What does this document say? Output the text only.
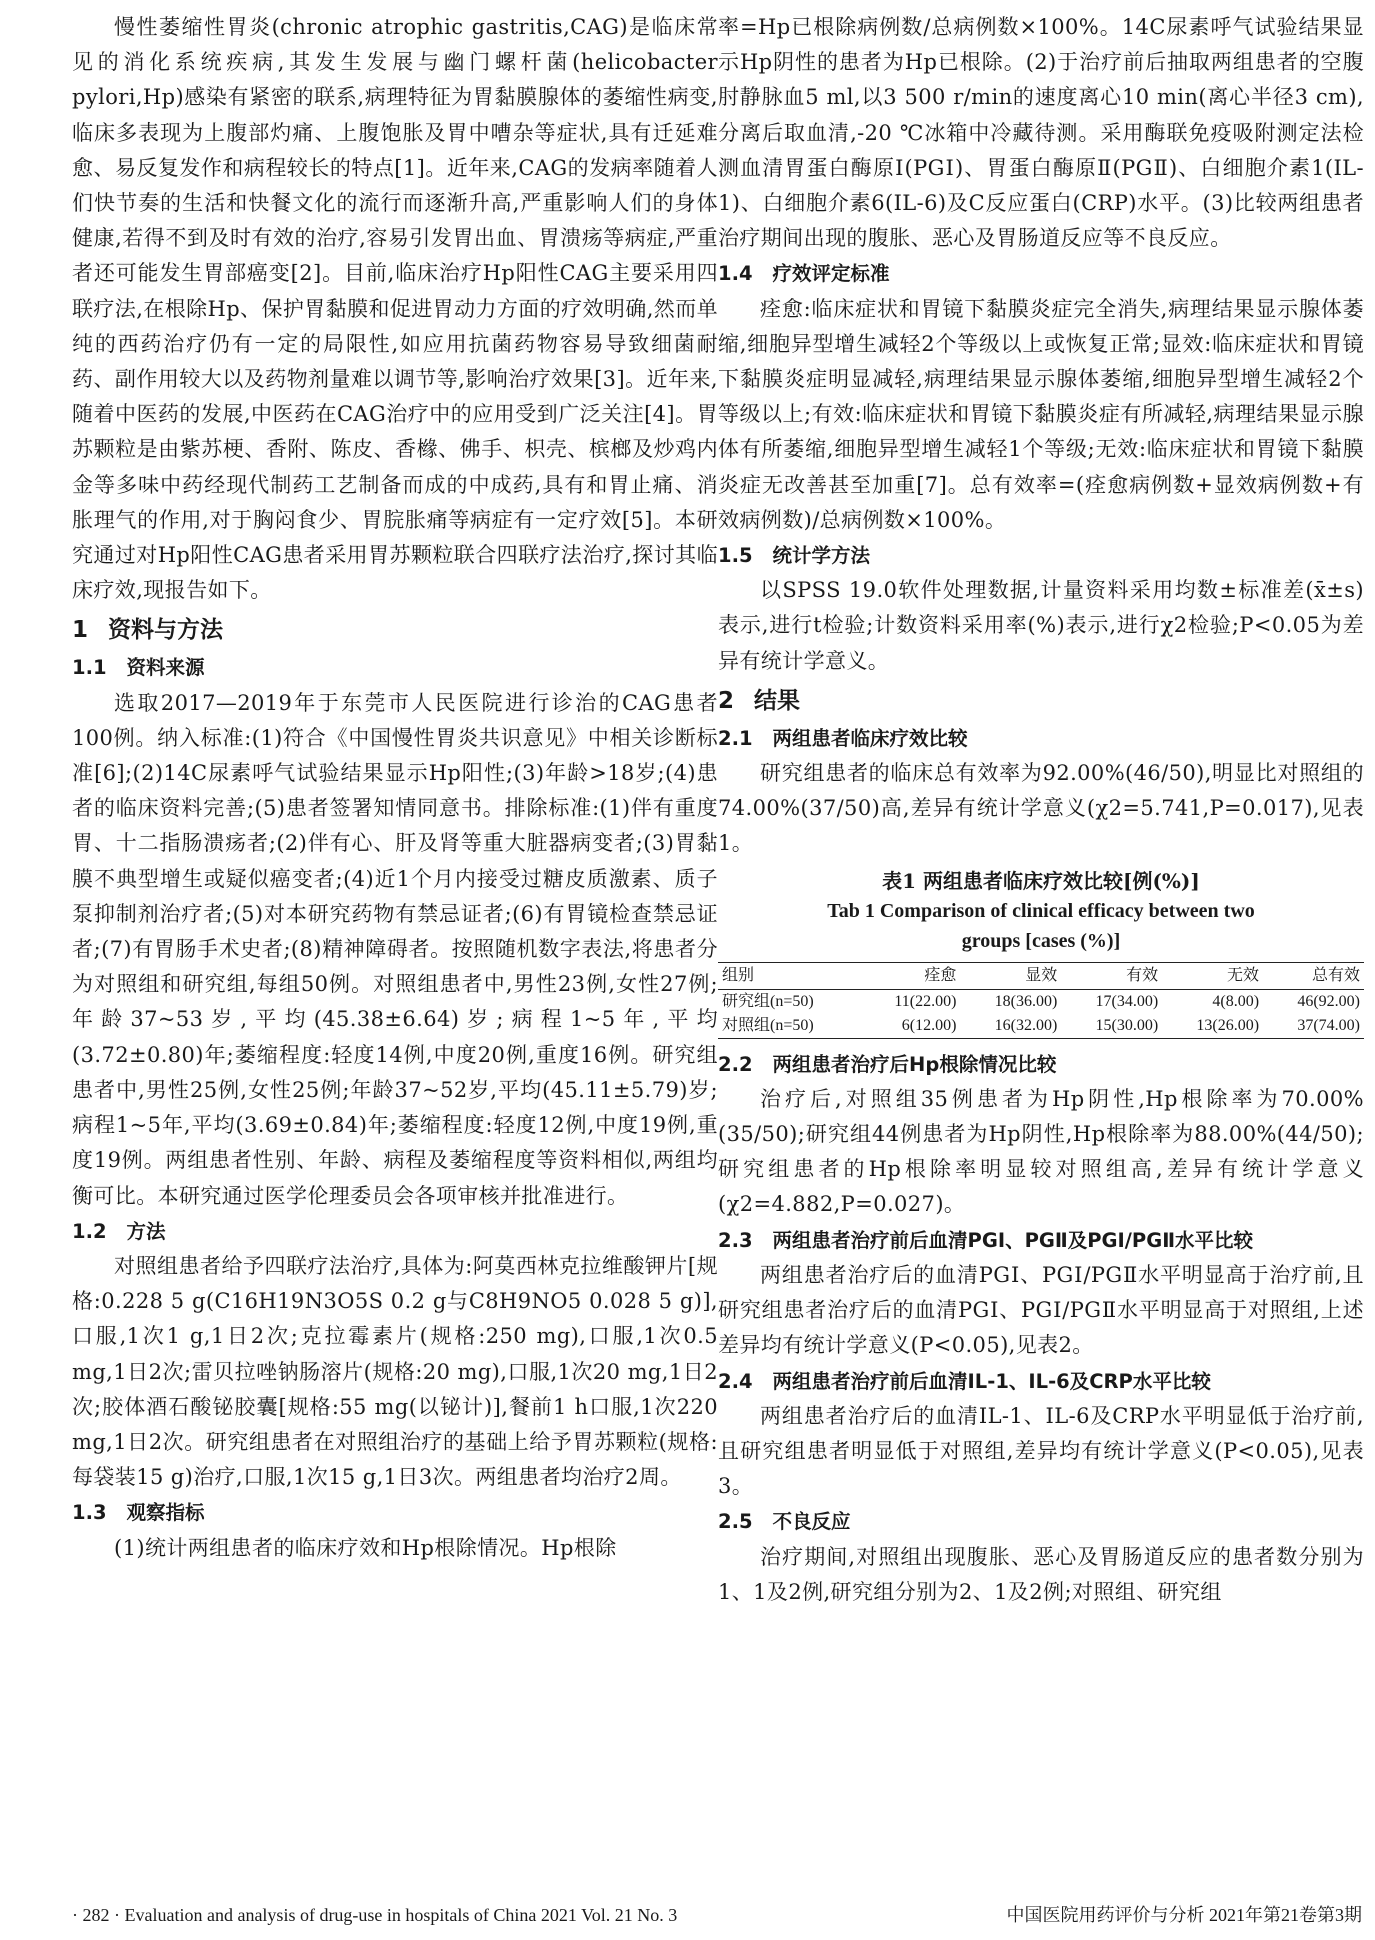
慢性萎缩性胃炎(chronic atrophic gastritis,CAG)是临床常见的消化系统疾病,其发生发展与幽门螺杆菌(helicobacter pylori,Hp)感染有紧密的联系,病理特征为胃黏膜腺体的萎缩性病变,临床多表现为上腹部灼痛、上腹饱胀及胃中嘈杂等症状,具有迁延难愈、易反复发作和病程较长的特点[1]。近年来,CAG的发病率随着人们快节奏的生活和快餐文化的流行而逐渐升高,严重影响人们的身体健康,若得不到及时有效的治疗,容易引发胃出血、胃溃疡等病症,严重者还可能发生胃部癌变[2]。目前,临床治疗Hp阳性CAG主要采用四联疗法,在根除Hp、保护胃黏膜和促进胃动力方面的疗效明确,然而单纯的西药治疗仍有一定的局限性,如应用抗菌药物容易导致细菌耐药、副作用较大以及药物剂量难以调节等,影响治疗效果[3]。近年来,随着中医药的发展,中医药在CAG治疗中的应用受到广泛关注[4]。胃苏颗粒是由紫苏梗、香附、陈皮、香橼、佛手、枳壳、槟榔及炒鸡内金等多味中药经现代制药工艺制备而成的中成药,具有和胃止痛、消胀理气的作用,对于胸闷食少、胃脘胀痛等病症有一定疗效[5]。本研究通过对Hp阳性CAG患者采用胃苏颗粒联合四联疗法治疗,探讨其临床疗效,现报告如下。

1 资料与方法
1.1 资料来源

选取2017—2019年于东莞市人民医院进行诊治的CAG患者100例。纳入标准:(1)符合《中国慢性胃炎共识意见》中相关诊断标准[6];(2)14C尿素呼气试验结果显示Hp阳性;(3)年龄>18岁;(4)患者的临床资料完善;(5)患者签署知情同意书。排除标准:(1)伴有重度胃、十二指肠溃疡者;(2)伴有心、肝及肾等重大脏器病变者;(3)胃黏膜不典型增生或疑似癌变者;(4)近1个月内接受过糖皮质激素、质子泵抑制剂治疗者;(5)对本研究药物有禁忌证者;(6)有胃镜检查禁忌证者;(7)有胃肠手术史者;(8)精神障碍者。按照随机数字表法,将患者分为对照组和研究组,每组50例。对照组患者中,男性23例,女性27例;年龄37~53岁,平均(45.38±6.64)岁;病程1~5年,平均(3.72±0.80)年;萎缩程度:轻度14例,中度20例,重度16例。研究组患者中,男性25例,女性25例;年龄37~52岁,平均(45.11±5.79)岁;病程1~5年,平均(3.69±0.84)年;萎缩程度:轻度12例,中度19例,重度19例。两组患者性别、年龄、病程及萎缩程度等资料相似,两组均衡可比。本研究通过医学伦理委员会各项审核并批准进行。

1.2 方法

对照组患者给予四联疗法治疗,具体为:阿莫西林克拉维酸钾片[规格:0.228 5 g(C16H19N3O5S 0.2 g与C8H9NO5 0.028 5 g)],口服,1次1 g,1日2次;克拉霉素片(规格:250 mg),口服,1次0.5 mg,1日2次;雷贝拉唑钠肠溶片(规格:20 mg),口服,1次20 mg,1日2次;胶体酒石酸铋胶囊[规格:55 mg(以铋计)],餐前1 h口服,1次220 mg,1日2次。研究组患者在对照组治疗的基础上给予胃苏颗粒(规格:每袋装15 g)治疗,口服,1次15 g,1日3次。两组患者均治疗2周。

1.3 观察指标

(1)统计两组患者的临床疗效和Hp根除情况。Hp根除

率=Hp已根除病例数/总病例数×100%。14C尿素呼气试验结果显示Hp阴性的患者为Hp已根除。(2)于治疗前后抽取两组患者的空腹肘静脉血5 ml,以3 500 r/min的速度离心10 min(离心半径3 cm),分离后取血清,-20 ℃冰箱中冷藏待测。采用酶联免疫吸附测定法检测血清胃蛋白酶原Ⅰ(PGⅠ)、胃蛋白酶原Ⅱ(PGⅡ)、白细胞介素1(IL-1)、白细胞介素6(IL-6)及C反应蛋白(CRP)水平。(3)比较两组患者治疗期间出现的腹胀、恶心及胃肠道反应等不良反应。

1.4 疗效评定标准

痊愈:临床症状和胃镜下黏膜炎症完全消失,病理结果显示腺体萎缩,细胞异型增生减轻2个等级以上或恢复正常;显效:临床症状和胃镜下黏膜炎症明显减轻,病理结果显示腺体萎缩,细胞异型增生减轻2个等级以上;有效:临床症状和胃镜下黏膜炎症有所减轻,病理结果显示腺体有所萎缩,细胞异型增生减轻1个等级;无效:临床症状和胃镜下黏膜炎症无改善甚至加重[7]。总有效率=(痊愈病例数+显效病例数+有效病例数)/总病例数×100%。

1.5 统计学方法

以SPSS 19.0软件处理数据,计量资料采用均数±标准差(x̄±s)表示,进行t检验;计数资料采用率(%)表示,进行χ2检验;P<0.05为差异有统计学意义。

2 结果
2.1 两组患者临床疗效比较

研究组患者的临床总有效率为92.00%(46/50),明显比对照组的74.00%(37/50)高,差异有统计学意义(χ2=5.741,P=0.017),见表1。

表1 两组患者临床疗效比较[例(%)]
Tab 1 Comparison of clinical efficacy between two
groups [cases (%)]
组别	痊愈	显效	有效	无效	总有效
研究组(n=50)	11(22.00)	18(36.00)	17(34.00)	4(8.00)	46(92.00)
对照组(n=50)	6(12.00)	16(32.00)	15(30.00)	13(26.00)	37(74.00)
2.2 两组患者治疗后Hp根除情况比较

治疗后,对照组35例患者为Hp阴性,Hp根除率为70.00%(35/50);研究组44例患者为Hp阴性,Hp根除率为88.00%(44/50);研究组患者的Hp根除率明显较对照组高,差异有统计学意义(χ2=4.882,P=0.027)。

2.3 两组患者治疗前后血清PGⅠ、PGⅡ及PGⅠ/PGⅡ水平比较

两组患者治疗后的血清PGⅠ、PGⅠ/PGⅡ水平明显高于治疗前,且研究组患者治疗后的血清PGⅠ、PGⅠ/PGⅡ水平明显高于对照组,上述差异均有统计学意义(P<0.05),见表2。

2.4 两组患者治疗前后血清IL-1、IL-6及CRP水平比较

两组患者治疗后的血清IL-1、IL-6及CRP水平明显低于治疗前,且研究组患者明显低于对照组,差异均有统计学意义(P<0.05),见表3。

2.5 不良反应

治疗期间,对照组出现腹胀、恶心及胃肠道反应的患者数分别为1、1及2例,研究组分别为2、1及2例;对照组、研究组

· 282 · Evaluation and analysis of drug-use in hospitals of China 2021 Vol. 21 No. 3	中国医院用药评价与分析 2021年第21卷第3期
